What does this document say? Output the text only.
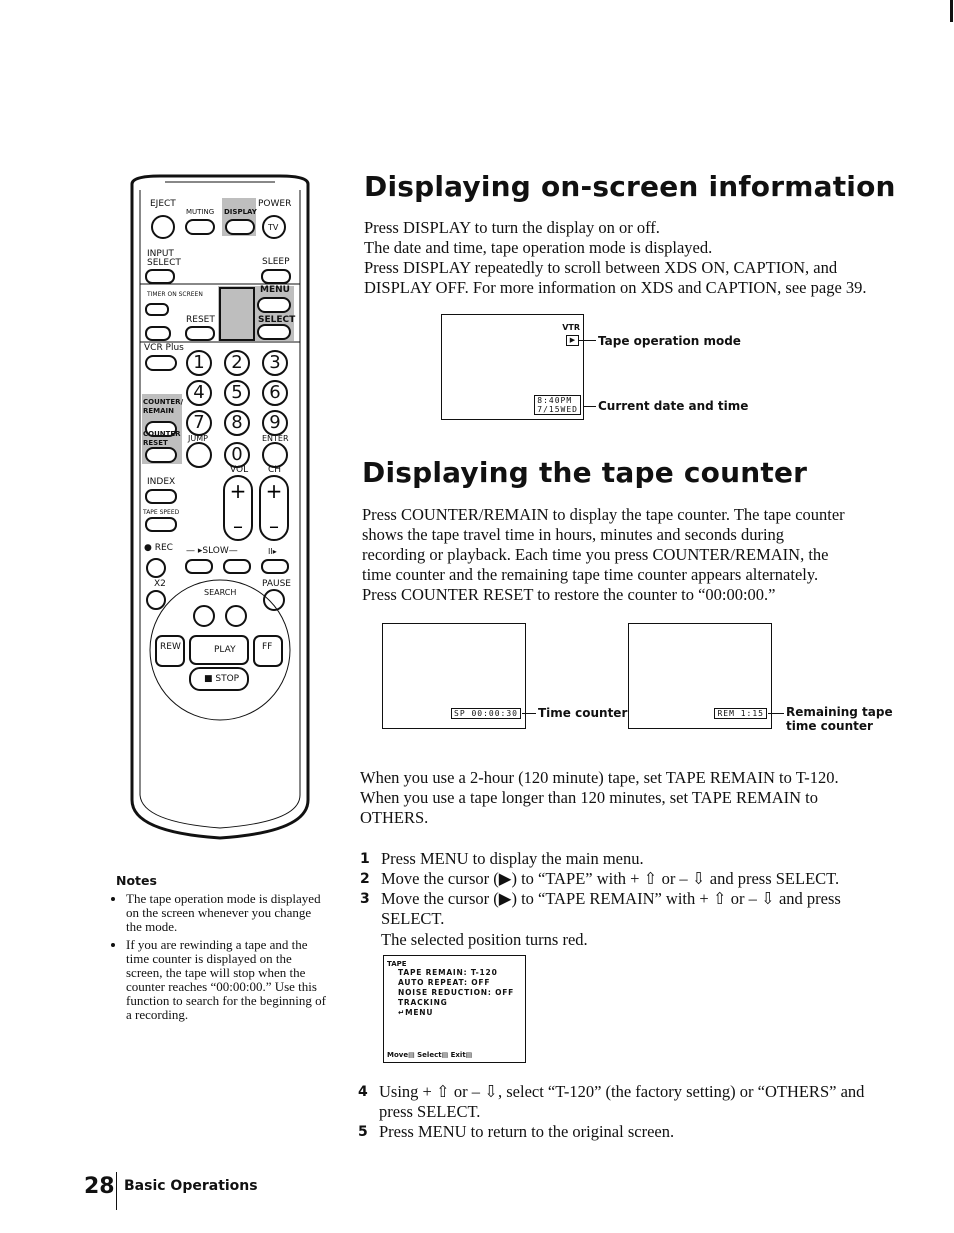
+ +
– –
1	2	3
4	5	6
7	8	9
0
EJECT
MUTING DISPLAY
POWER
TV
INPUT SELECT	SLEEP
TIMER ON SCREEN	MENU
RESET	SELECT
VCR Plus
COUNTER/ REMAIN
COUNTER RESET	JUMP	ENTER
VOL CH
INDEX
TAPE SPEED
● REC — ▸SLOW—	II▸
X2
SEARCH
PAUSE
REW	PLAY	FF
■ STOP
Notes
• The tape operation mode is displayed on the screen whenever you change the mode.
• If you are rewinding a tape and the time counter is displayed on the screen, the tape will stop when the counter reaches “00:00:00.” Use this function to search for the beginning of a recording.
Displaying on-screen information
Press DISPLAY to turn the display on or off.
The date and time, tape operation mode is displayed.
Press DISPLAY repeatedly to scroll between XDS ON, CAPTION, and
DISPLAY OFF. For more information on XDS and CAPTION, see page 39.
VTR
▶
8:40PM
7/15WED
Tape operation mode
Current date and time
Displaying the tape counter
Press COUNTER/REMAIN to display the tape counter. The tape counter
shows the tape travel time in hours, minutes and seconds during
recording or playback. Each time you press COUNTER/REMAIN, the
time counter and the remaining tape time counter appears alternately.
Press COUNTER RESET to restore the counter to “00:00:00.”
SP 00:00:30 Time counter	REM 1:15 Remaining tape
time counter
When you use a 2-hour (120 minute) tape, set TAPE REMAIN to T-120.
When you use a tape longer than 120 minutes, set TAPE REMAIN to
OTHERS.
1 Press MENU to display the main menu.
2 Move the cursor (▶) to “TAPE” with + ⇧ or – ⇩ and press SELECT.
3 Move the cursor (▶) to “TAPE REMAIN” with + ⇧ or – ⇩ and press
SELECT.
The selected position turns red.
TAPE
TAPE REMAIN: T-120
AUTO REPEAT: OFF
NOISE REDUCTION: OFF
TRACKING
↵MENU
Move▤ Select▤ Exit▤
4 Using + ⇧ or – ⇩, select “T-120” (the factory setting) or “OTHERS” and
press SELECT.
5 Press MENU to return to the original screen.
28 Basic Operations
